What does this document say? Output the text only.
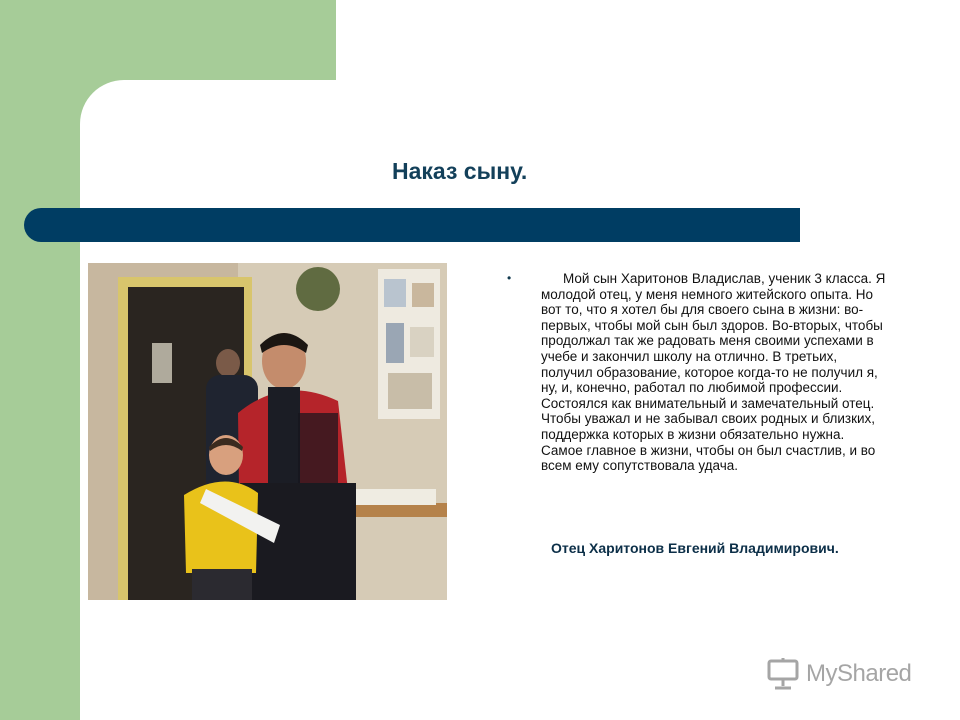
Наказ сыну.
•	Мой сын Харитонов Владислав, ученик 3 класса. Я молодой отец, у меня немного житейского опыта. Но вот то, что я хотел бы для своего сына в жизни: во-первых, чтобы мой сын был здоров. Во-вторых, чтобы продолжал так же радовать меня своими успехами в учебе и закончил школу на отлично. В третьих, получил образование, которое когда-то не получил я, ну, и, конечно, работал по любимой профессии. Состоялся как внимательный и замечательный отец. Чтобы уважал и не забывал своих родных и близких, поддержка которых в жизни обязательно нужна. Самое главное в жизни, чтобы он был счастлив, и во всем ему сопутствовала удача.

Отец Харитонов Евгений Владимирович.

MyShared
